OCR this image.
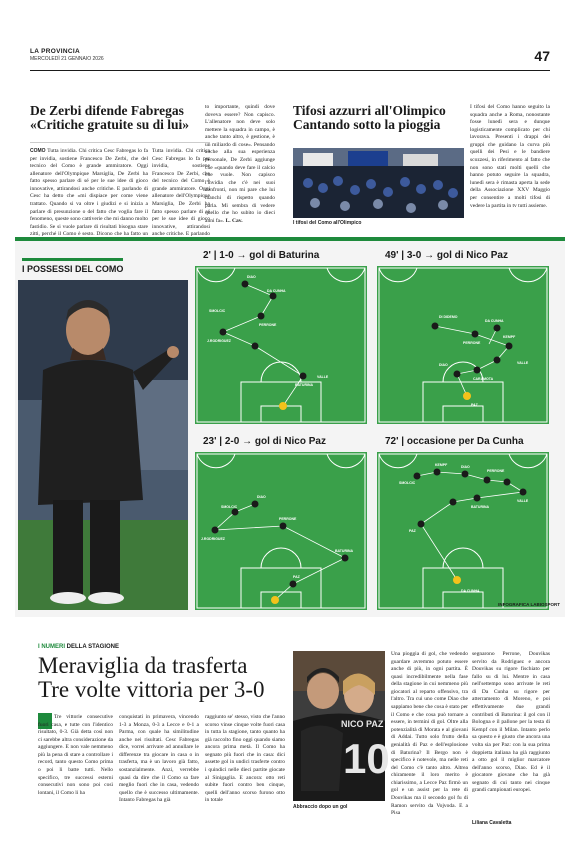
LA PROVINCIA
MERCOLEDÌ 21 GENNAIO 2026	47
De Zerbi difende Fabregas
«Critiche gratuite su di lui»
COMO Tutta invidia. Chi critica Cesc Fabregas lo fa per invidia, sostiene Francesco De Zerbi, che del tecnico del Como è grande ammiratore. Oggi allenatore dell'Olympique Marsiglia, De Zerbi ha fatto spesso parlare di sé per le sue idee di gioco innovative, attirandosi anche critiche. E parlando di Cesc ha detto che «mi dispiace per come viene trattato. Quando si va oltre i giudizi e si inizia a parlare di presunzione o del fatto che voglia fare il fenomeno, queste sono cattiverie che mi danno molto fastidio. Se si vuole parlare di risultati bisogna stare zitti, perché il Como è sesto. Dicono che ha fatto un
Tutta invidia. Chi critica Cesc Fabregas lo fa per invidia, sostiene Francesco De Zerbi, che del tecnico del Como è grande ammiratore. Oggi allenatore dell'Olympique Marsiglia, De Zerbi ha fatto spesso parlare di sé per le sue idee di gioco innovative, attirandosi anche critiche. E parlando
to importante, quindi dove doveva essere? Non capisco. L'allenatore non deve solo mettere la squadra in campo, è anche tanto altro, è gestione, è un miliardo di cose». Pensando anche alla sua esperienza personale, De Zerbi aggiunge che «quando deve fare il calcio che vuole. Non capisco l'invidia che c'è nei suoi confronti, non mi pare che lui manchi di rispetto quando parla. Mi sembra di vedere quello che ho subito io dieci anni fa». L. Cav.
Tifosi azzurri all'Olimpico
Cantando sotto la pioggia
I tifosi del Como all'Olimpico
I tifosi del Como hanno seguito la squadra anche a Roma, nonostante fosse lunedì sera e dunque logisticamente complicato per chi lavorava. Presenti i drappi dei gruppi che guidano la curva più quelli dei Pesi e le bandiere scozzesi, in riferimento al fatto che non sono stati molti quelli che hanno potuto seguire la squadra, lunedì sera è rimasta aperta la sede della Associazione XXV Maggio per consentire a molti tifosi di vedere la partita in tv tutti assieme.
I POSSESSI DEL COMO
2' | 1-0 → gol di Baturina
DIAO
DA CUNHA
SMOLCIC
PERRONE
J.RODRIGUEZ
BATURINA
VALLE
49' | 3-0 → gol di Nico Paz
DI DIDEMO
DA CUNHA
KEMPF
PERRONE
DIAO	VALLE
CARAMOTA
PAZ
23' | 2-0 → gol di Nico Paz
SMOLCIC
DIAO
PERRONE
J.RODRIGUEZ
BATURINA
PAZ
72' | occasione per Da Cunha
KEMPF	DIAO
PERRONE
SMOLCIC
BATURINA
VALLE
PAZ
DA CUNHA
INFOGRAFICA LABIOSPORT
I NUMERI DELLA STAGIONE
Meraviglia da trasferta
Tre volte vittoria per 3-0
Tre vittorie consecutive fuori casa, e tutte con l'identico risultato, 0-3. Già detta così non ci sarebbe altra considerazione da aggiungere. E non vale nemmeno più la pena di stare a controllare i record, tanto questo Como prima o poi li batte tutti. Nello specifico, tre successi esterni consecutivi non sono poi così lontani, il Como li ha
conquistati in primavera, vincendo 1-3 a Monza, 0-3 a Lecce e 0-1 a Parma, con quale ha similitudine anche nei risultati. Cesc Fabregas dice, vorrei arrivare ad annullare le differenze tra giocare in casa o in trasferta, ma è un lavoro già fatto, sostanzialmente. Anzi, verrebbe quasi da dire che il Como sa fare meglio fuori che in casa, vedendo quello che è successo ultimamente. Intanto Fabregas ha già
raggiunto se' stesso, visto che l'anno scorso vinse cinque volte fuori casa in tutta la stagione, tanto quanto ha già raccolto fino oggi quando siamo ancora prima metà. Il Como ha segnato più fuori che in casa: dici assette gol in undici trasferte contro i quindici nelle dieci partite giocate al Sinigaglia. E ancora: otto reti subite fuori contro ben cinque, quelli dell'anno scorso furono otto in totale
NICO PAZ
10
Abbraccio dopo un gol
Una pioggia di gol, che vedendo guardare avremmo potuto essere anche di più, in ogni partita. È quasi incredibilmente nella fase della stagione in cui nemmeno più giocatori al reparto offensivo, tra l'altro. Tra cui uno come Diao che sappiamo bene che cosa è stato per il Como e che cosa può tornare a essere, in termini di gol. Oltre alla potenzialità di Morata e al giovani di Addai. Tutto solo frutto della genialità di Paz e dell'esplosione di Baturina? Il Bergo non è specifico è notevole, ma nelle reti del Como c'è tanto altro. Altrea chiramente il loro merito è chiarissimo, a Lecce Paz firmò un gol e un assist per la rete di Douvikas ma il secondo gol fu di Ramon servito da Vojvoda. E a Pisa
segnarono Perrone, Douvikas servito da Rodriguez e ancora Douvikas su rigore fischiato per fallo su di lui. Mentre in casa nell'settempo sono arrivate le reti di Da Cunha su rigore per atterramento di Moreno, e poi effettivamente due grandi contributi di Baturina: il gol con il Bologna e il pallone per la testa di Kempf con il Milan. Intanto perlo sa questo e è giusto che ancora una volta sia per Paz: con la sua prima doppietta italiana ha già raggiunto a otto gol il miglior marcatore dell'anno scorso, Diao. Ed è il giocatore giovane che ha già segnato di cui tanto nei cinque grandi campionati europei.
Liliana Cavaletta
